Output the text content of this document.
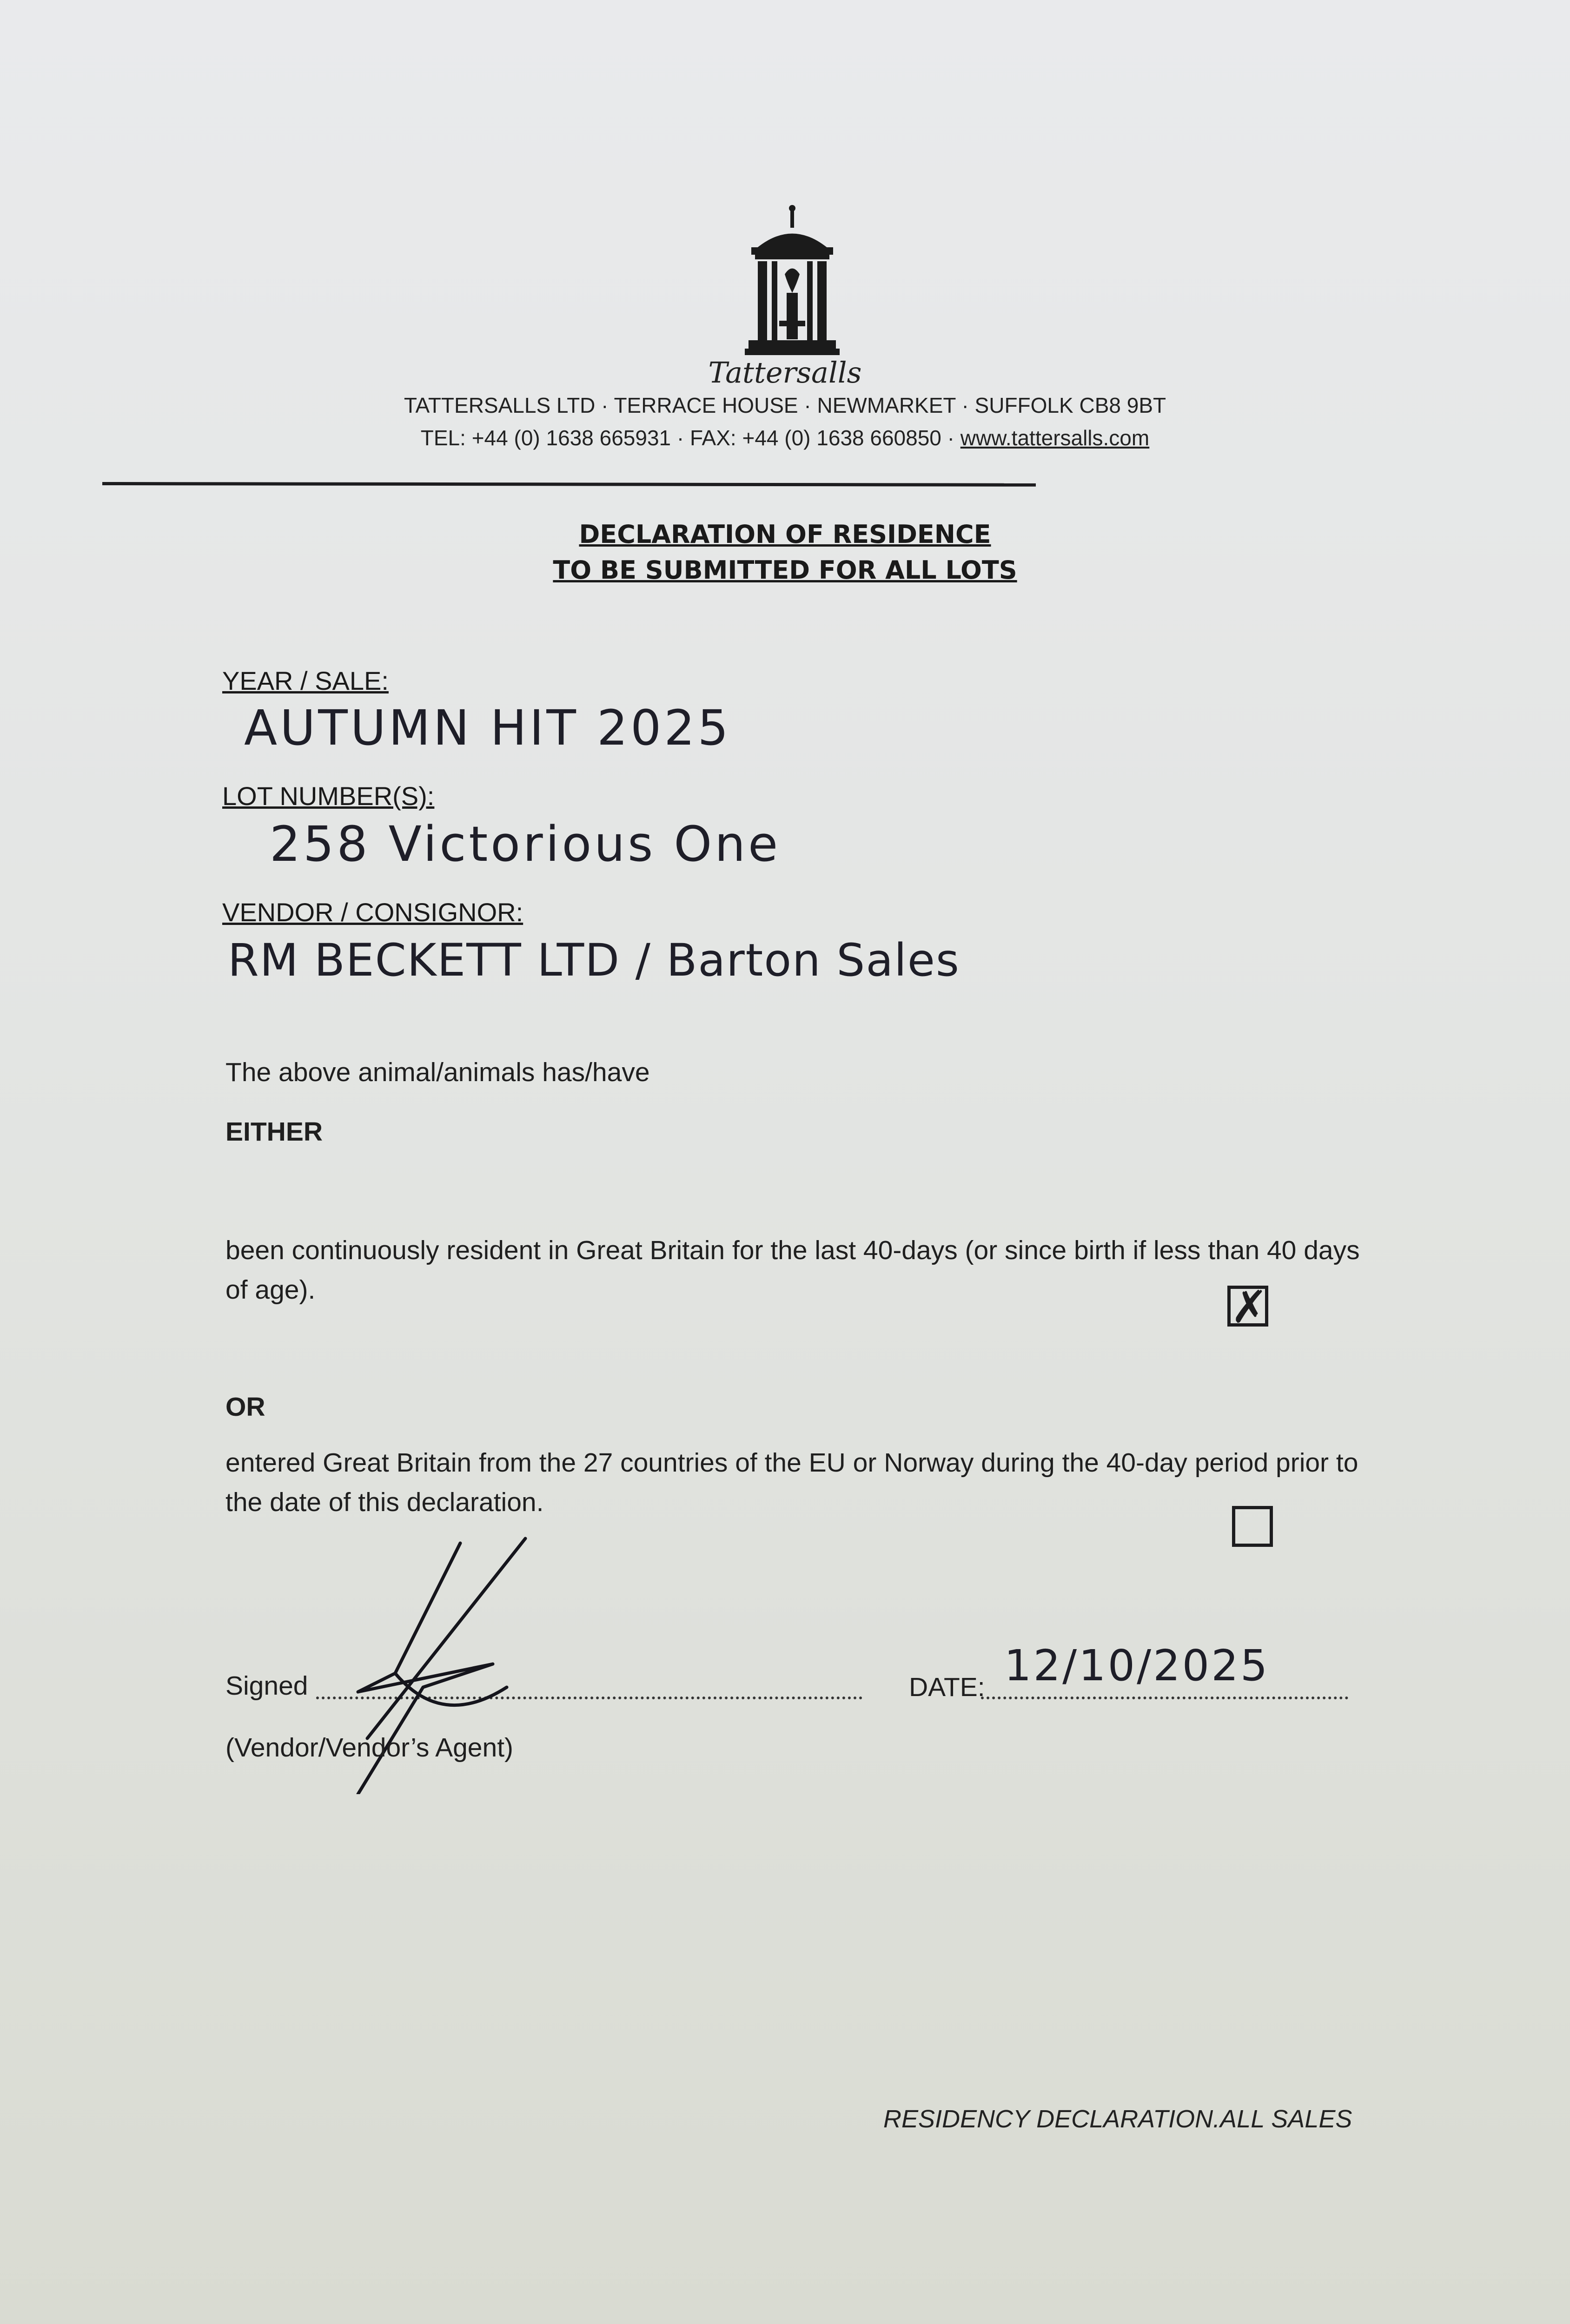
Tattersalls
TATTERSALLS LTD · TERRACE HOUSE · NEWMARKET · SUFFOLK CB8 9BT
TEL: +44 (0) 1638 665931 · FAX: +44 (0) 1638 660850 · www.tattersalls.com
DECLARATION OF RESIDENCE
TO BE SUBMITTED FOR ALL LOTS
YEAR / SALE:
AUTUMN HIT 2025
LOT NUMBER(S):
258 Victorious One
VENDOR / CONSIGNOR:
RM BECKETT LTD / Barton Sales
The above animal/animals has/have
EITHER
been continuously resident in Great Britain for the last 40-days (or since birth if less than 40 days of age).	✗
OR
entered Great Britain from the 27 countries of the EU or Norway during the 40-day period prior to the date of this declaration.
Signed
(Vendor/Vendor’s Agent)
DATE: 12/10/2025
RESIDENCY DECLARATION.ALL SALES
